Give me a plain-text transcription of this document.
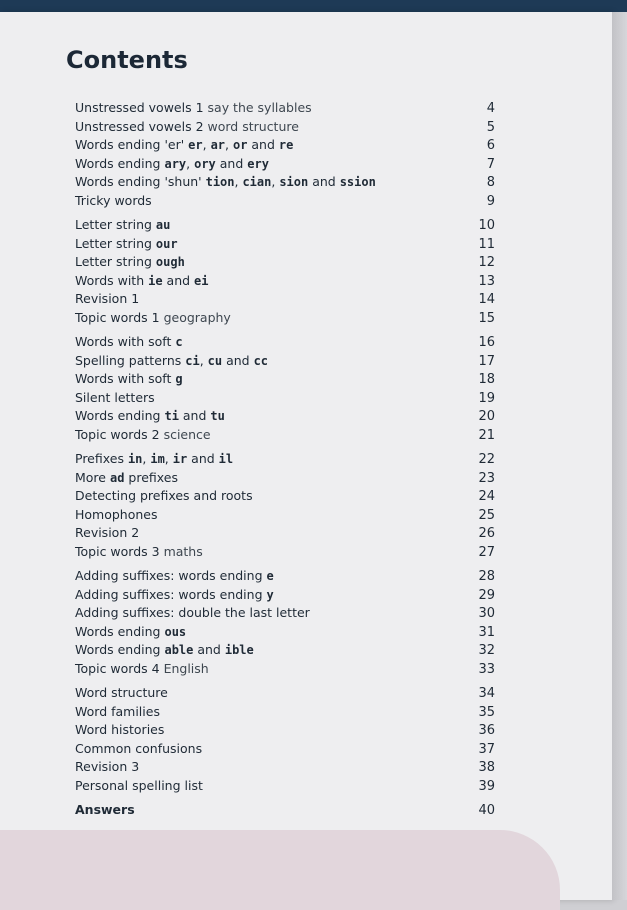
Contents
Unstressed vowels 1 say the syllables	4
Unstressed vowels 2 word structure	5
Words ending 'er' er, ar, or and re	6
Words ending ary, ory and ery	7
Words ending 'shun' tion, cian, sion and ssion	8
Tricky words	9
Letter string au	10
Letter string our	11
Letter string ough	12
Words with ie and ei	13
Revision 1	14
Topic words 1 geography	15
Words with soft c	16
Spelling patterns ci, cu and cc	17
Words with soft g	18
Silent letters	19
Words ending ti and tu	20
Topic words 2 science	21
Prefixes in, im, ir and il	22
More ad prefixes	23
Detecting prefixes and roots	24
Homophones	25
Revision 2	26
Topic words 3 maths	27
Adding suffixes: words ending e	28
Adding suffixes: words ending y	29
Adding suffixes: double the last letter	30
Words ending ous	31
Words ending able and ible	32
Topic words 4 English	33
Word structure	34
Word families	35
Word histories	36
Common confusions	37
Revision 3	38
Personal spelling list	39
Answers	40
